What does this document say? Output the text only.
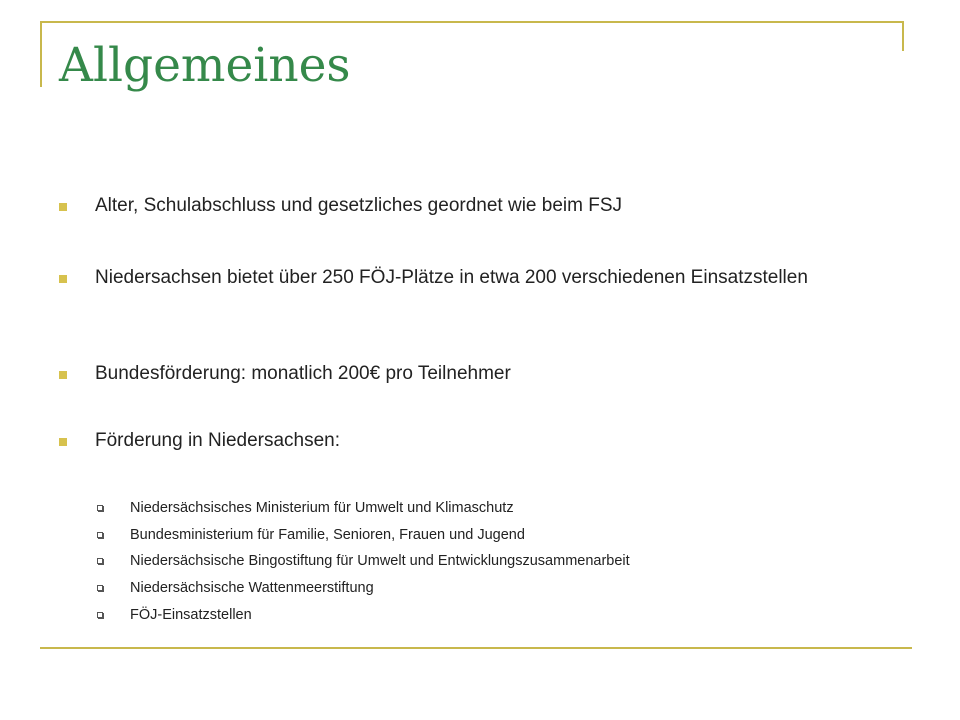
Allgemeines
Alter, Schulabschluss und gesetzliches geordnet wie beim FSJ
Niedersachsen bietet über 250 FÖJ-Plätze in etwa 200 verschiedenen Einsatzstellen
Bundesförderung: monatlich 200€ pro Teilnehmer
Förderung in Niedersachsen:
Niedersächsisches Ministerium für Umwelt und Klimaschutz
Bundesministerium für Familie, Senioren, Frauen und Jugend
Niedersächsische Bingostiftung für Umwelt und Entwicklungszusammenarbeit
Niedersächsische Wattenmeerstiftung
FÖJ-Einsatzstellen
